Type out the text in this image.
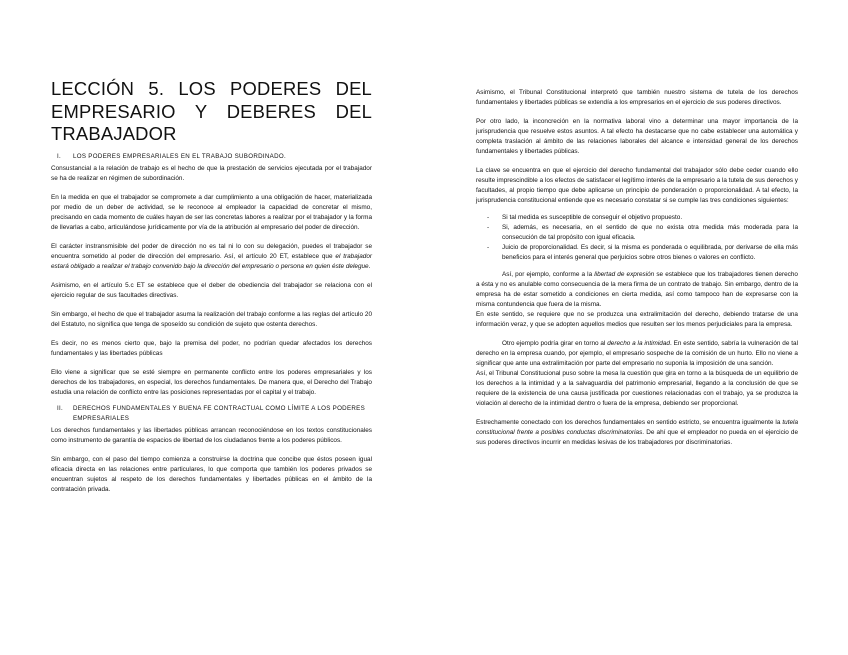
LECCIÓN 5. LOS PODERES DEL
EMPRESARIO Y DEBERES DEL
TRABAJADOR
I.	LOS PODERES EMPRESARIALES EN EL TRABAJO SUBORDINADO.

Consustancial a la relación de trabajo es el hecho de que la prestación de servicios ejecutada por el trabajador se ha de realizar en régimen de subordinación.

En la medida en que el trabajador se compromete a dar cumplimiento a una obligación de hacer, materializada por medio de un deber de actividad, se le reconoce al empleador la capacidad de concretar el mismo, precisando en cada momento de cuáles hayan de ser las concretas labores a realizar por el trabajador y la forma de llevarlas a cabo, articulándose jurídicamente por vía de la atribución al empresario del poder de dirección.

El carácter instransmisible del poder de dirección no es tal ni lo con su delegación, puedes el trabajador se encuentra sometido al poder de dirección del empresario. Así, el artículo 20 ET, establece que el trabajador estará obligado a realizar el trabajo convenido bajo la dirección del empresario o persona en quien éste delegue.

Asimismo, en el artículo 5.c ET se establece que el deber de obediencia del trabajador se relaciona con el ejercicio regular de sus facultades directivas.

Sin embargo, el hecho de que el trabajador asuma la realización del trabajo conforme a las reglas del artículo 20 del Estatuto, no significa que tenga de sposeído su condición de sujeto que ostenta derechos.

Es decir, no es menos cierto que, bajo la premisa del poder, no podrían quedar afectados los derechos fundamentales y las libertades públicas

Ello viene a significar que se esté siempre en permanente conflicto entre los poderes empresariales y los derechos de los trabajadores, en especial, los derechos fundamentales. De manera que, el Derecho del Trabajo estudia una relación de conflicto entre las posiciones representadas por el capital y el trabajo.

II.	DERECHOS FUNDAMENTALES Y BUENA FE CONTRACTUAL COMO LÍMITE A LOS PODERES EMPRESARIALES

Los derechos fundamentales y las libertades públicas arrancan reconociéndose en los textos constitucionales como instrumento de garantía de espacios de libertad de los ciudadanos frente a los poderes públicos.

Sin embargo, con el paso del tiempo comienza a construirse la doctrina que concibe que éstos poseen igual eficacia directa en las relaciones entre particulares, lo que comporta que también los poderes privados se encuentran sujetos al respeto de los derechos fundamentales y libertades públicas en el ámbito de la contratación privada.

Asimismo, el Tribunal Constitucional interpretó que también nuestro sistema de tutela de los derechos fundamentales y libertades públicas se extendía a los empresarios en el ejercicio de sus poderes directivos.

Por otro lado, la inconcreción en la normativa laboral vino a determinar una mayor importancia de la jurisprudencia que resuelve estos asuntos. A tal efecto ha destacarse que no cabe establecer una automática y completa traslación al ámbito de las relaciones laborales del alcance e intensidad general de los derechos fundamentales y libertades públicas.

La clave se encuentra en que el ejercicio del derecho fundamental del trabajador sólo debe ceder cuando ello resulte imprescindible a los efectos de satisfacer el legítimo interés de la empresario a la tutela de sus derechos y facultades, al propio tiempo que debe aplicarse un principio de ponderación o proporcionalidad. A tal efecto, la jurisprudencia constitucional entiende que es necesario constatar si se cumple las tres condiciones siguientes:

- Si tal medida es susceptible de conseguir el objetivo propuesto.
- Si, además, es necesaria, en el sentido de que no exista otra medida más moderada para la consecución de tal propósito con igual eficacia.
- Juicio de proporcionalidad. Es decir, si la misma es ponderada o equilibrada, por derivarse de ella más beneficios para el interés general que perjuicios sobre otros bienes o valores en conflicto.

Así, por ejemplo, conforme a la libertad de expresión se establece que los trabajadores tienen derecho a ésta y no es anulable como consecuencia de la mera firma de un contrato de trabajo. Sin embargo, dentro de la empresa ha de estar sometido a condiciones en cierta medida, así como tampoco han de expresarse con la misma contundencia que fuera de la misma.

En este sentido, se requiere que no se produzca una extralimitación del derecho, debiendo tratarse de una información veraz, y que se adopten aquellos medios que resulten ser los menos perjudiciales para la empresa.

Otro ejemplo podría girar en torno al derecho a la intimidad. En este sentido, sabría la vulneración de tal derecho en la empresa cuando, por ejemplo, el empresario sospeche de la comisión de un hurto. Ello no viene a significar que ante una extralimitación por parte del empresario no suponía la imposición de una sanción.

Así, el Tribunal Constitucional puso sobre la mesa la cuestión que gira en torno a la búsqueda de un equilibrio de los derechos a la intimidad y a la salvaguardia del patrimonio empresarial, llegando a la conclusión de que se requiere de la existencia de una causa justificada por cuestiones relacionadas con el trabajo, ya se produzca la violación al derecho de la intimidad dentro o fuera de la empresa, debiendo ser proporcional.

Estrechamente conectado con los derechos fundamentales en sentido estricto, se encuentra igualmente la tutela constitucional frente a posibles conductas discriminatorias. De ahí que el empleador no pueda en el ejercicio de sus poderes directivos incurrir en medidas lesivas de los trabajadores por discriminatorias.
